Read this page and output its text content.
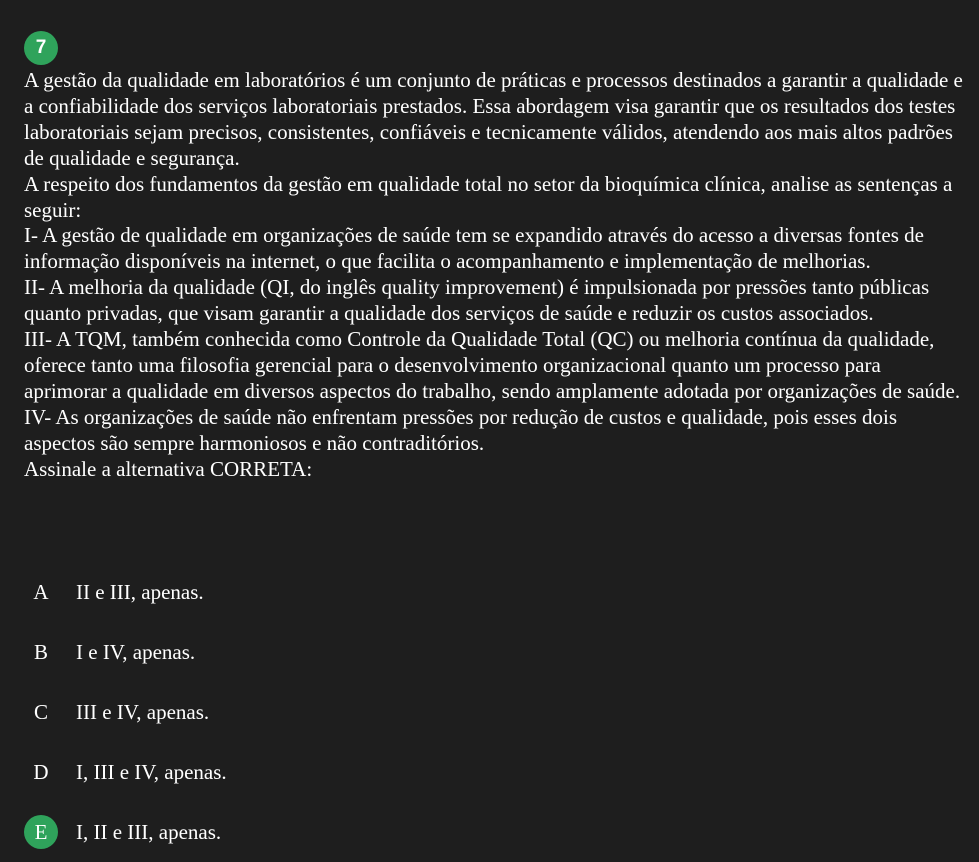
7

A gestão da qualidade em laboratórios é um conjunto de práticas e processos destinados a garantir a qualidade e a confiabilidade dos serviços laboratoriais prestados. Essa abordagem visa garantir que os resultados dos testes laboratoriais sejam precisos, consistentes, confiáveis e tecnicamente válidos, atendendo aos mais altos padrões de qualidade e segurança.

A respeito dos fundamentos da gestão em qualidade total no setor da bioquímica clínica, analise as sentenças a seguir:

I- A gestão de qualidade em organizações de saúde tem se expandido através do acesso a diversas fontes de informação disponíveis na internet, o que facilita o acompanhamento e implementação de melhorias.

II- A melhoria da qualidade (QI, do inglês quality improvement) é impulsionada por pressões tanto públicas quanto privadas, que visam garantir a qualidade dos serviços de saúde e reduzir os custos associados.

III- A TQM, também conhecida como Controle da Qualidade Total (QC) ou melhoria contínua da qualidade, oferece tanto uma filosofia gerencial para o desenvolvimento organizacional quanto um processo para aprimorar a qualidade em diversos aspectos do trabalho, sendo amplamente adotada por organizações de saúde.

IV- As organizações de saúde não enfrentam pressões por redução de custos e qualidade, pois esses dois aspectos são sempre harmoniosos e não contraditórios.

Assinale a alternativa CORRETA:

A	II e III, apenas.
B	I e IV, apenas.
C	III e IV, apenas.
D	I, III e IV, apenas.
E	I, II e III, apenas.
